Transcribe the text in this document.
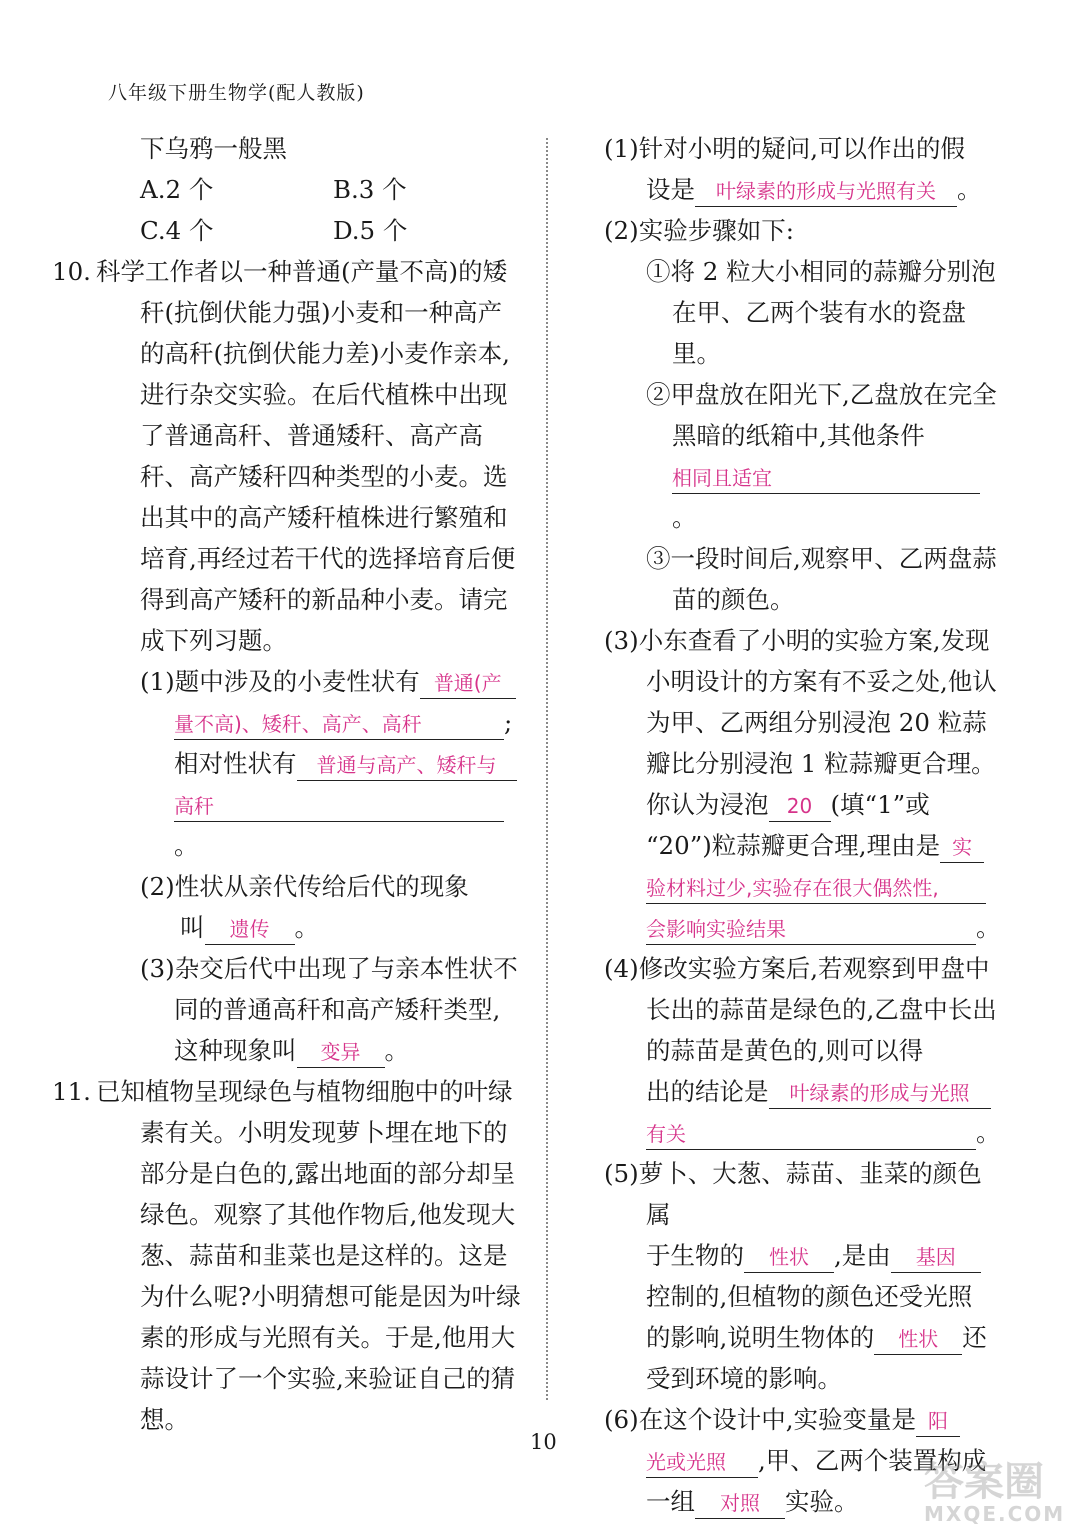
八年级下册生物学(配人教版)
下乌鸦一般黑
A.2 个	B.3 个
C.4 个	D.5 个
10. 科学工作者以一种普通(产量不高)的矮秆(抗倒伏能力强)小麦和一种高产的高秆(抗倒伏能力差)小麦作亲本,进行杂交实验。在后代植株中出现了普通高秆、普通矮秆、高产高秆、高产矮秆四种类型的小麦。选出其中的高产矮秆植株进行繁殖和培育,再经过若干代的选择培育后便得到高产矮秆的新品种小麦。请完成下列习题。
(1)题中涉及的小麦性状有 普通(产
量不高)、矮秆、高产、高秆	;
相对性状有 普通与高产、矮秆与
高秆。
(2)性状从亲代传给后代的现象
叫 遗传 。
(3)杂交后代中出现了与亲本性状不同的普通高秆和高产矮秆类型,
这种现象叫 变异 。
11. 已知植物呈现绿色与植物细胞中的叶绿素有关。小明发现萝卜埋在地下的部分是白色的,露出地面的部分却呈绿色。观察了其他作物后,他发现大葱、蒜苗和韭菜也是这样的。这是为什么呢?小明猜想可能是因为叶绿素的形成与光照有关。于是,他用大蒜设计了一个实验,来验证自己的猜想。
(1)针对小明的疑问,可以作出的假
设是 叶绿素的形成与光照有关 。
(2)实验步骤如下:
①将 2 粒大小相同的蒜瓣分别泡在甲、乙两个装有水的瓷盘里。
②甲盘放在阳光下,乙盘放在完全黑暗的纸箱中,其他条件
相同且适宜。
③一段时间后,观察甲、乙两盘蒜苗的颜色。
(3)小东查看了小明的实验方案,发现小明设计的方案有不妥之处,他认为甲、乙两组分别浸泡 20 粒蒜瓣比分别浸泡 1 粒蒜瓣更合理。你认为浸泡 20 (填“1”或
“20”)粒蒜瓣更合理,理由是 实
验材料过少,实验存在很大偶然性,
会影响实验结果	。
(4)修改实验方案后,若观察到甲盘中长出的蒜苗是绿色的,乙盘中长出的蒜苗是黄色的,则可以得
出的结论是 叶绿素的形成与光照
有关	。
(5)萝卜、大葱、蒜苗、韭菜的颜色属
于生物的 性状 ,是由 基因
控制的,但植物的颜色还受光照
的影响,说明生物体的 性状 还
受到环境的影响。
(6)在这个设计中,实验变量是 阳
光或光照 ,甲、乙两个装置构成
一组 对照 实验。
10
答案圈
MXQE.COM
